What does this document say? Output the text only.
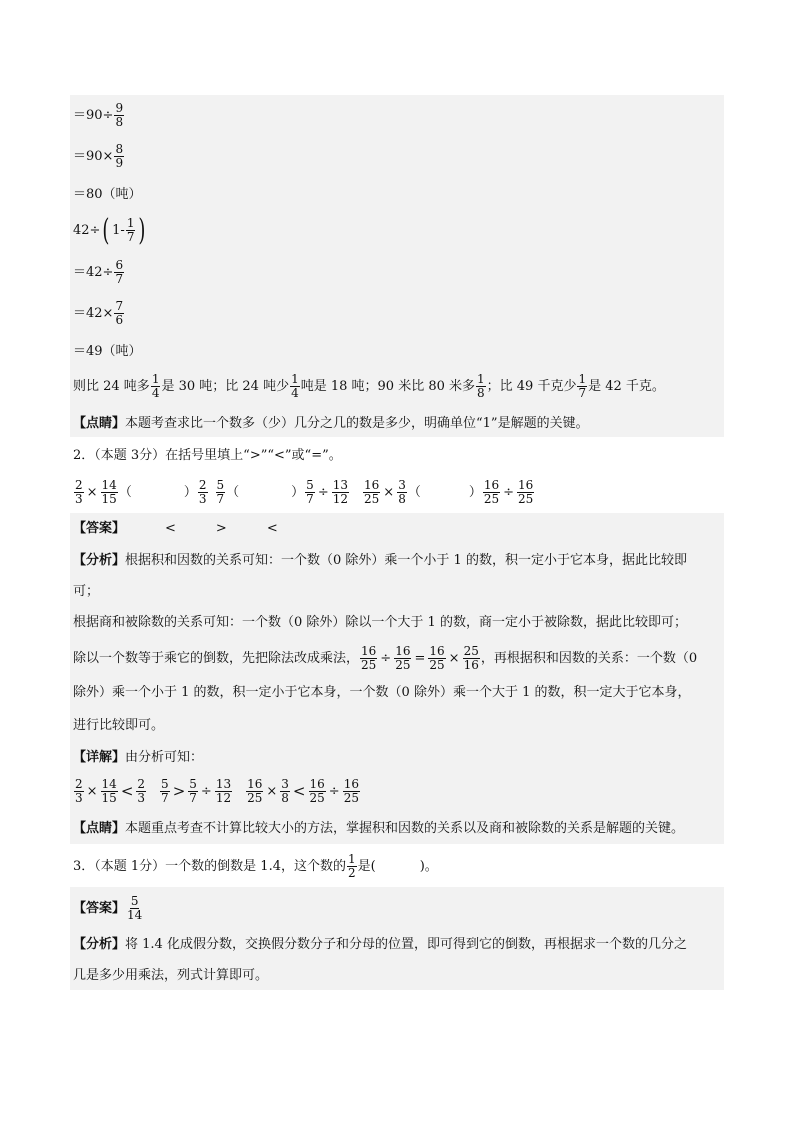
$=90\div \frac{9}{8}$
$=90\times \frac{8}{9}$
＝80（吨）
42÷ ( $1- \frac{1}{7}$ )
$=42\div \frac{6}{7}$
$=42\times \frac{7}{6}$
＝49（吨）
则比 24 吨多 $\frac{1}{4}$ 是 30 吨；比 24 吨少 $\frac{1}{4}$ 吨是 18 吨；90 米比 80 米多 $\frac{1}{8}$ ；比 49 千克少 $\frac{1}{7}$ 是 42 千克。
【点睛】 本题考查求比一个数多（少）几分之几的数是多少，明确单位“1”是解题的关键。
2．（本题 3分）在括号里填上“>”“<”或“=”。
$\frac{2}{3} \times \frac{14}{15}$ （	） $\frac{2}{3} \frac{5}{7}$ （	） $\frac{5}{7} \div \frac{13}{12} \frac{16}{25} \times \frac{3}{8}$ （	） $\frac{16}{25} \div \frac{16}{25}$
【答案】	<	>	<
【分析】 根据积和因数的关系可知：一个数（0 除外）乘一个小于 1 的数，积一定小于它本身，据此比较即
可；
根据商和被除数的关系可知：一个数（0 除外）除以一个大于 1 的数，商一定小于被除数，据此比较即可；
除以一个数等于乘它的倒数，先把除法改成乘法， $\frac{16}{25} \div \frac{16}{25} = \frac{16}{25} \times \frac{25}{16}$ ，再根据积和因数的关系：一个数（0
除外）乘一个小于 1 的数，积一定小于它本身，一个数（0 除外）乘一个大于 1 的数，积一定大于它本身，
进行比较即可。
【详解】 由分析可知：
$\frac{2}{3} \times \frac{14}{15} < \frac{2}{3} \frac{5}{7} > \frac{5}{7} \div \frac{13}{12} \frac{16}{25} \times \frac{3}{8} < \frac{16}{25} \div \frac{16}{25}$
【点睛】 本题重点考查不计算比较大小的方法，掌握积和因数的关系以及商和被除数的关系是解题的关键。
3．（本题 1分）一个数的倒数是 1.4，这个数的 $\frac{1}{2}$ 是(	)。
【答案】 $\frac{5}{14}$
【分析】 将 1.4 化成假分数，交换假分数分子和分母的位置，即可得到它的倒数，再根据求一个数的几分之
几是多少用乘法，列式计算即可。
